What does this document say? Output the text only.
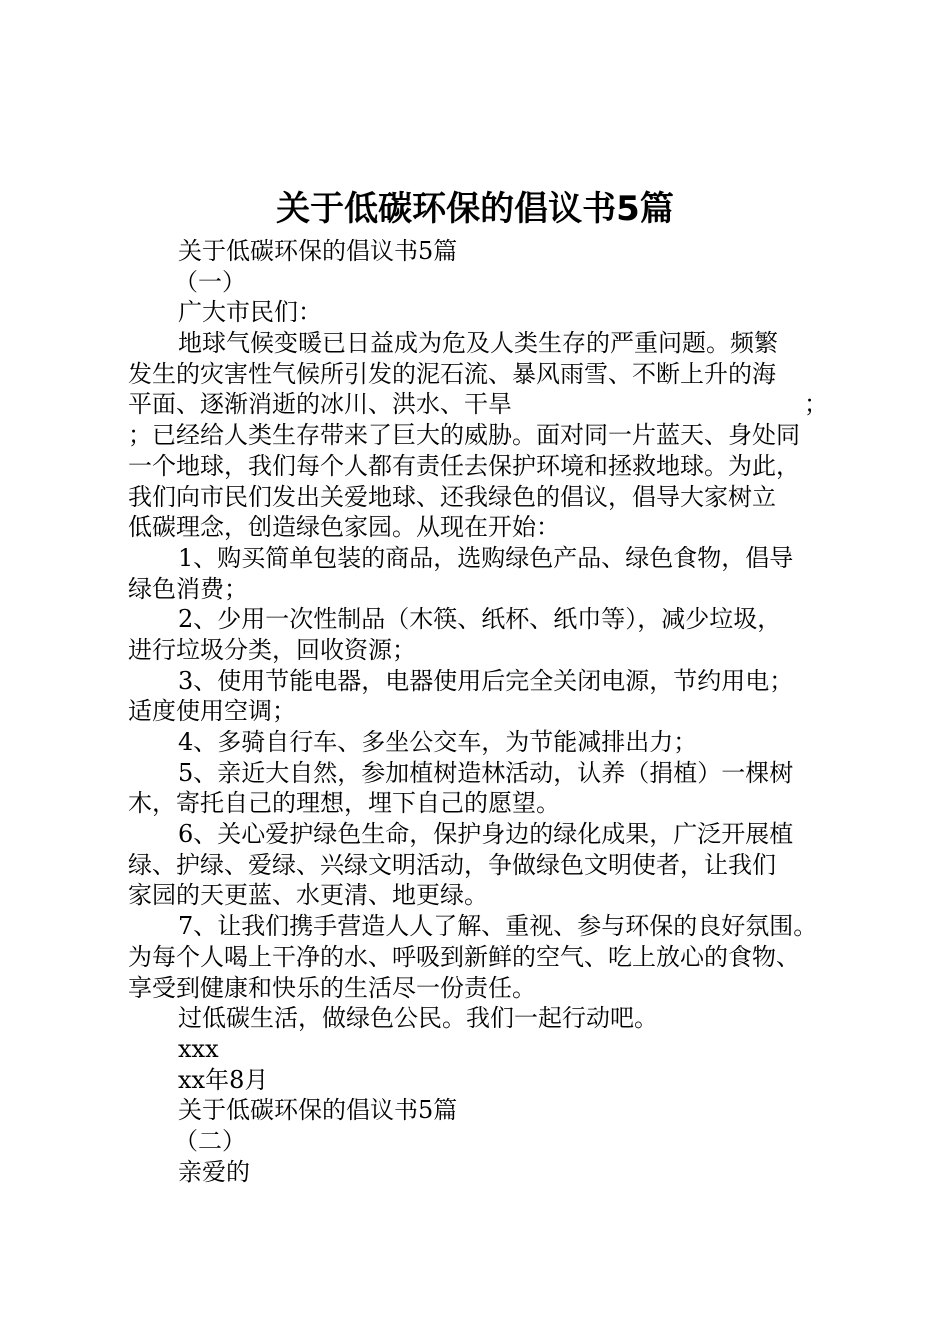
关于低碳环保的倡议书5篇
关于低碳环保的倡议书5篇
（一）
广大市民们：
地球气候变暖已日益成为危及人类生存的严重问题。频繁
发生的灾害性气候所引发的泥石流、暴风雨雪、不断上升的海
平面、逐渐消逝的冰川、洪水、干旱	；
；已经给人类生存带来了巨大的威胁。面对同一片蓝天、身处同
一个地球，我们每个人都有责任去保护环境和拯救地球。为此，
我们向市民们发出关爱地球、还我绿色的倡议，倡导大家树立
低碳理念，创造绿色家园。从现在开始：
1、购买简单包装的商品，选购绿色产品、绿色食物，倡导
绿色消费；
2、少用一次性制品（木筷、纸杯、纸巾等），减少垃圾，
进行垃圾分类，回收资源；
3、使用节能电器，电器使用后完全关闭电源，节约用电；
适度使用空调；
4、多骑自行车、多坐公交车，为节能减排出力；
5、亲近大自然，参加植树造林活动，认养（捐植）一棵树
木，寄托自己的理想，埋下自己的愿望。
6、关心爱护绿色生命，保护身边的绿化成果，广泛开展植
绿、护绿、爱绿、兴绿文明活动，争做绿色文明使者，让我们
家园的天更蓝、水更清、地更绿。
7、让我们携手营造人人了解、重视、参与环保的良好氛围。
为每个人喝上干净的水、呼吸到新鲜的空气、吃上放心的食物、
享受到健康和快乐的生活尽一份责任。
过低碳生活，做绿色公民。我们一起行动吧。
xxx
xx年8月
关于低碳环保的倡议书5篇
（二）
亲爱的
